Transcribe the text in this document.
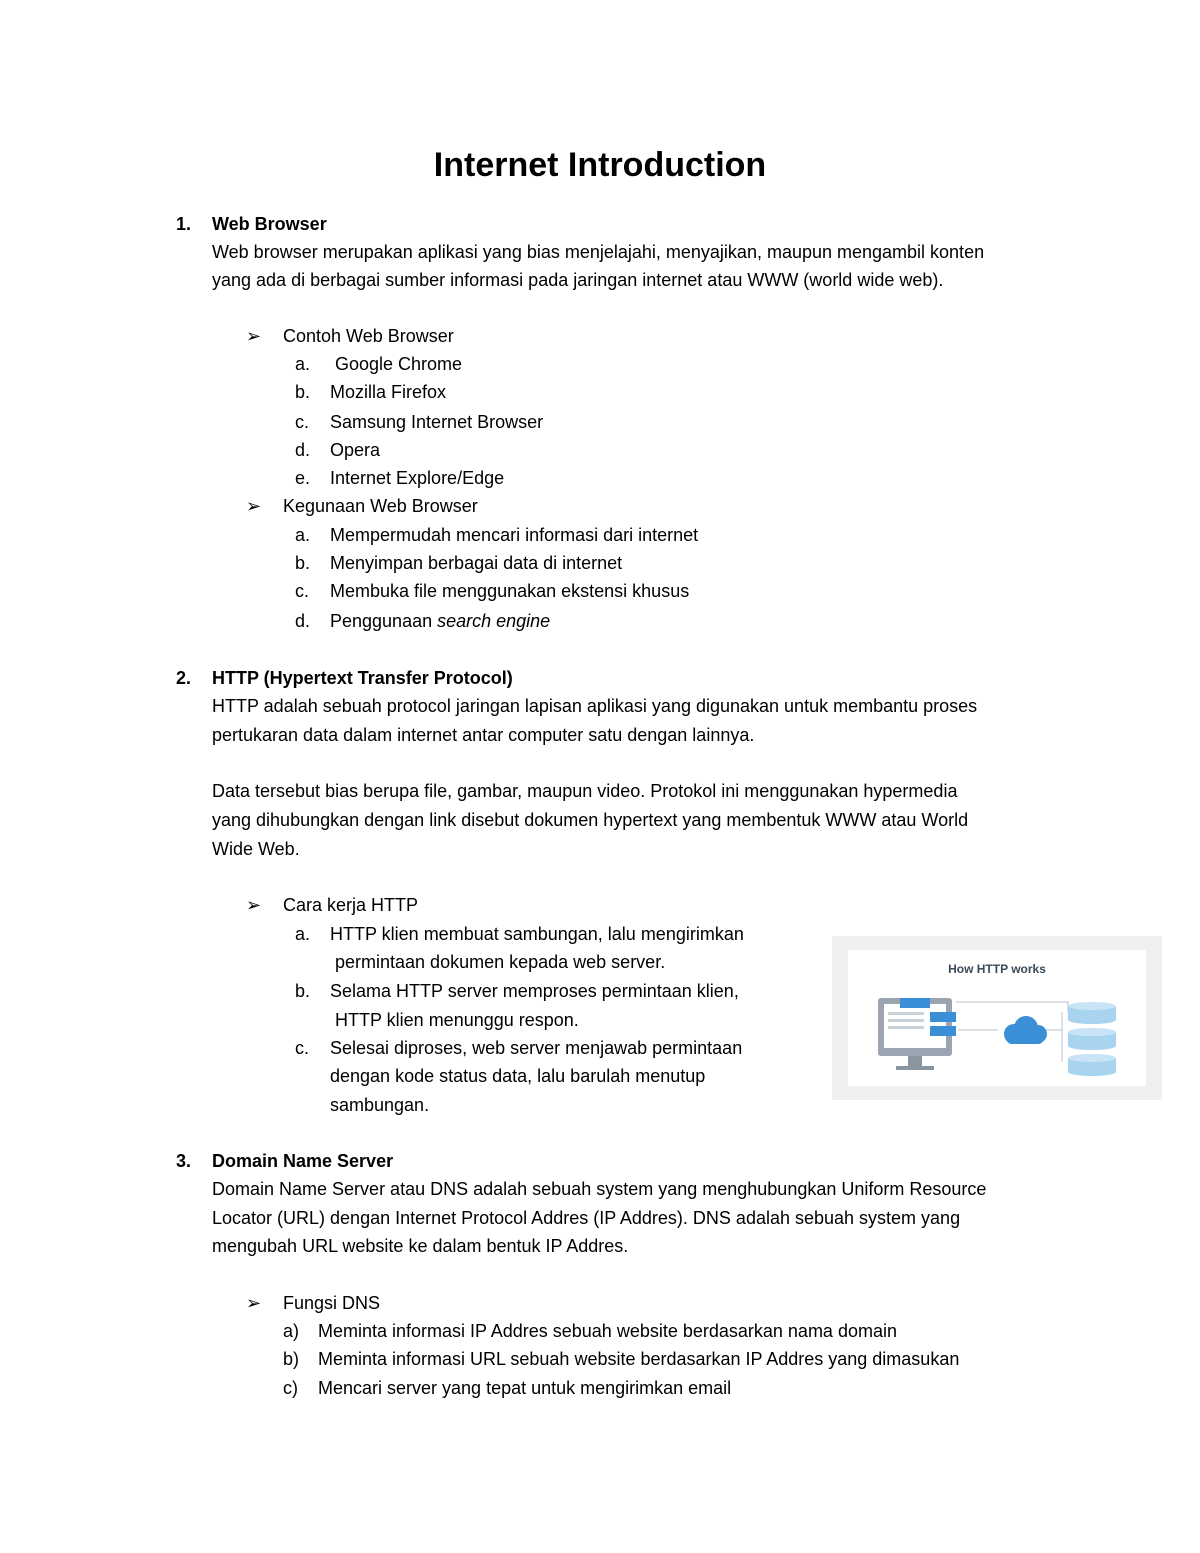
Internet Introduction
1. Web Browser
Web browser merupakan aplikasi yang bias menjelajahi, menyajikan, maupun mengambil konten
yang ada di berbagai sumber informasi pada jaringan internet atau WWW (world wide web).
➢ Contoh Web Browser
a. Google Chrome
b. Mozilla Firefox
c. Samsung Internet Browser
d. Opera
e. Internet Explore/Edge
➢ Kegunaan Web Browser
a. Mempermudah mencari informasi dari internet
b. Menyimpan berbagai data di internet
c. Membuka file menggunakan ekstensi khusus
d. Penggunaan search engine
2. HTTP (Hypertext Transfer Protocol)
HTTP adalah sebuah protocol jaringan lapisan aplikasi yang digunakan untuk membantu proses
pertukaran data dalam internet antar computer satu dengan lainnya.
Data tersebut bias berupa file, gambar, maupun video. Protokol ini menggunakan hypermedia
yang dihubungkan dengan link disebut dokumen hypertext yang membentuk WWW atau World
Wide Web.
➢ Cara kerja HTTP
a. HTTP klien membuat sambungan, lalu mengirimkan
permintaan dokumen kepada web server.
b. Selama HTTP server memproses permintaan klien,
HTTP klien menunggu respon.
c. Selesai diproses, web server menjawab permintaan
dengan kode status data, lalu barulah menutup
sambungan.
How HTTP works
3. Domain Name Server
Domain Name Server atau DNS adalah sebuah system yang menghubungkan Uniform Resource
Locator (URL) dengan Internet Protocol Addres (IP Addres). DNS adalah sebuah system yang
mengubah URL website ke dalam bentuk IP Addres.
➢ Fungsi DNS
a) Meminta informasi IP Addres sebuah website berdasarkan nama domain
b) Meminta informasi URL sebuah website berdasarkan IP Addres yang dimasukan
c) Mencari server yang tepat untuk mengirimkan email
